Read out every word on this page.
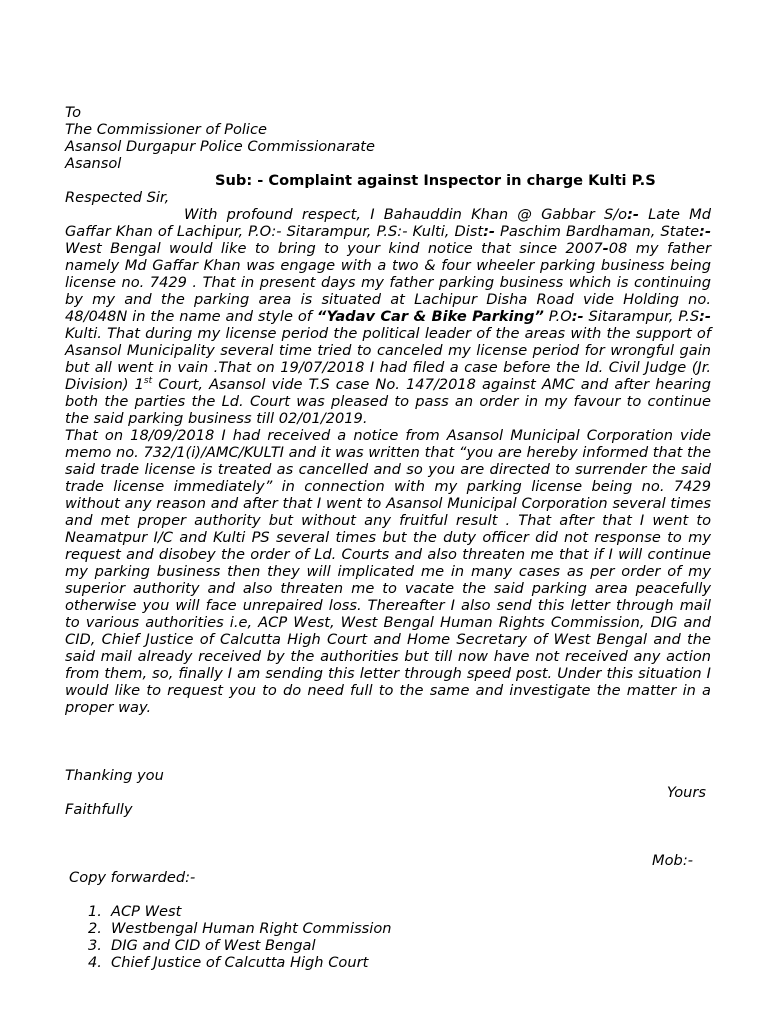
To
The Commissioner of Police
Asansol Durgapur Police Commissionarate
Asansol
Sub: - Complaint against Inspector in charge Kulti P.S
Respected Sir,

With profound respect, I Bahauddin Khan @ Gabbar S/o:- Late Md Gaffar Khan of Lachipur, P.O:- Sitarampur, P.S:- Kulti, Dist:- Paschim Bardhaman, State:- West Bengal would like to bring to your kind notice that since 2007-08 my father namely Md Gaffar Khan was engage with a two & four wheeler parking business being license no. 7429 . That in present days my father parking business which is continuing by my and the parking area is situated at Lachipur Disha Road vide Holding no. 48/048N in the name and style of “Yadav Car & Bike Parking” P.O:- Sitarampur, P.S:- Kulti. That during my license period the political leader of the areas with the support of Asansol Municipality several time tried to canceled my license period for wrongful gain but all went in vain .That on 19/07/2018 I had filed a case before the ld. Civil Judge (Jr. Division) 1st Court, Asansol vide T.S case No. 147/2018 against AMC and after hearing both the parties the Ld. Court was pleased to pass an order in my favour to continue the said parking business till 02/01/2019.

That on 18/09/2018 I had received a notice from Asansol Municipal Corporation vide memo no. 732/1(i)/AMC/KULTI and it was written that “you are hereby informed that the said trade license is treated as cancelled and so you are directed to surrender the said trade license immediately” in connection with my parking license being no. 7429 without any reason and after that I went to Asansol Municipal Corporation several times and met proper authority but without any fruitful result . That after that I went to Neamatpur I/C and Kulti PS several times but the duty officer did not response to my request and disobey the order of Ld. Courts and also threaten me that if I will continue my parking business then they will implicated me in many cases as per order of my superior authority and also threaten me to vacate the said parking area peacefully otherwise you will face unrepaired loss. Thereafter I also send this letter through mail to various authorities i.e, ACP West, West Bengal Human Rights Commission, DIG and CID, Chief Justice of Calcutta High Court and Home Secretary of West Bengal and the said mail already received by the authorities but till now have not received any action from them, so, finally I am sending this letter through speed post. Under this situation I would like to request you to do need full to the same and investigate the matter in a proper way.

Thanking you
Yours
Faithfully
Mob:-
Copy forwarded:-
1. ACP West
2. Westbengal Human Right Commission
3. DIG and CID of West Bengal
4. Chief Justice of Calcutta High Court
